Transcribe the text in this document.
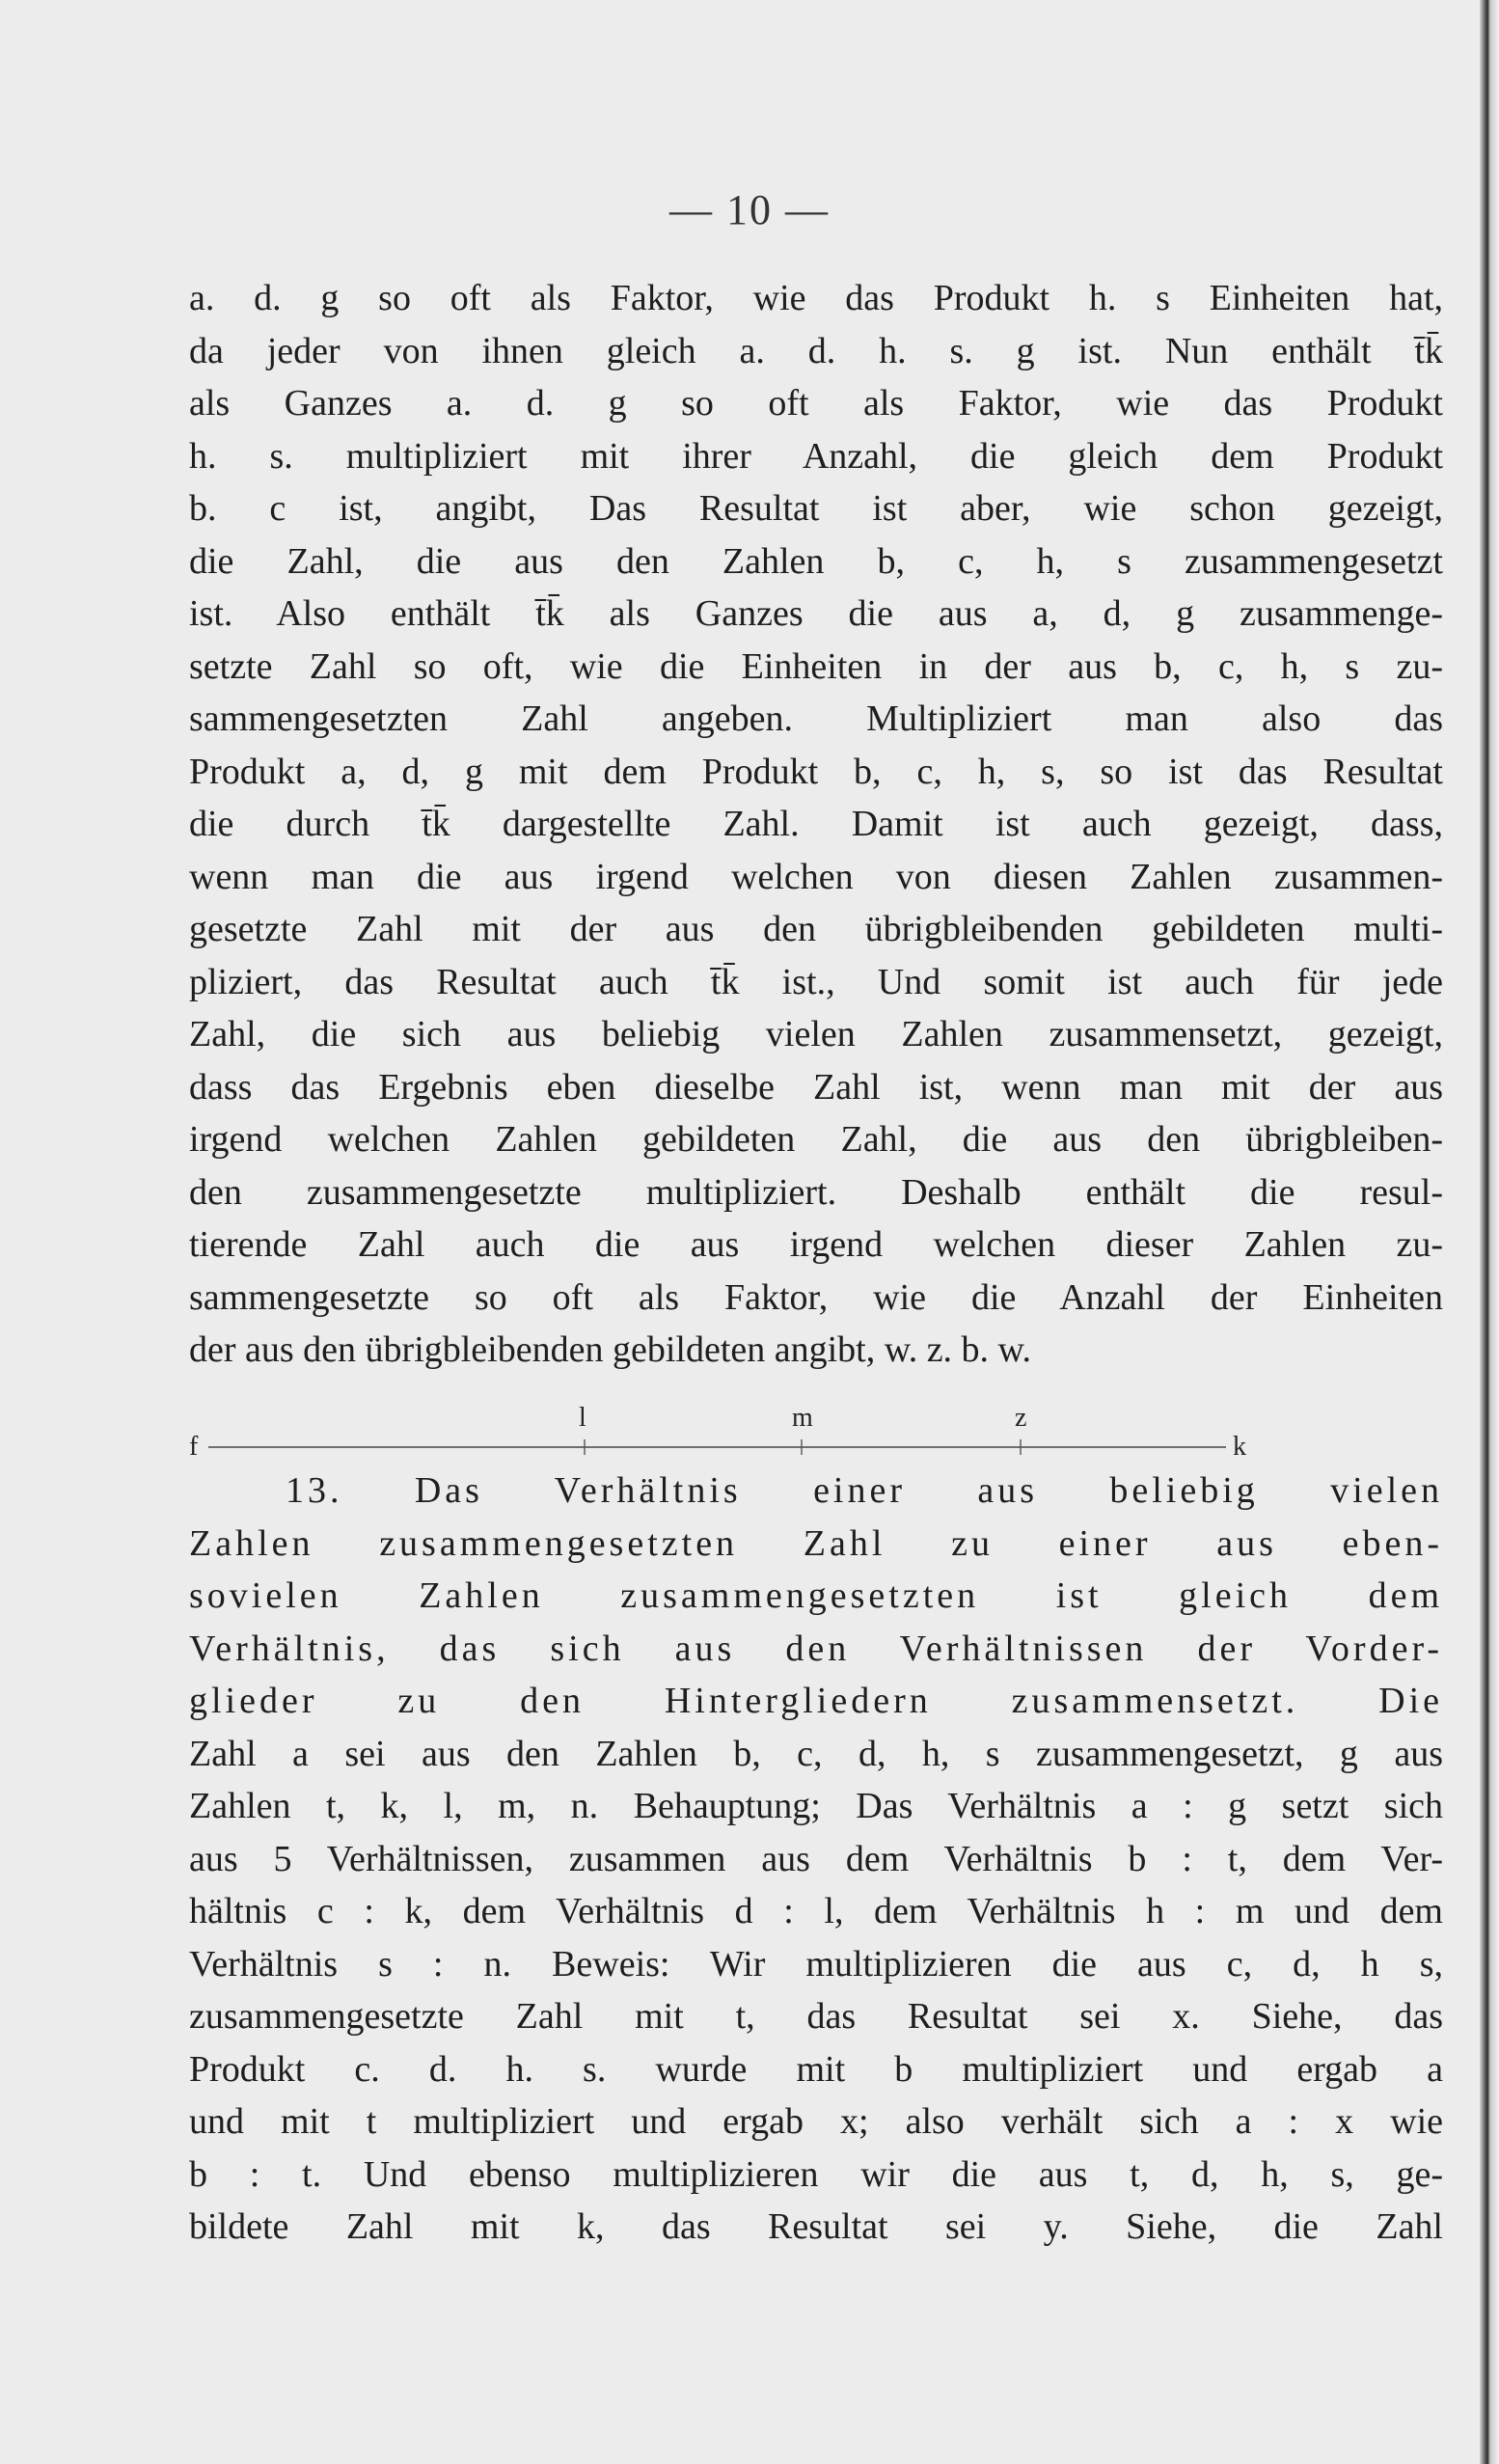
— 10 —
a. d. g so oft als Faktor, wie das Produkt h. s Einheiten hat,
da jeder von ihnen gleich a. d. h. s. g ist. Nun enthält t̄k̄
als Ganzes a. d. g so oft als Faktor, wie das Produkt
h. s. multipliziert mit ihrer Anzahl, die gleich dem Produkt
b. c ist, angibt, Das Resultat ist aber, wie schon gezeigt,
die Zahl, die aus den Zahlen b, c, h, s zusammengesetzt
ist. Also enthält t̄k̄ als Ganzes die aus a, d, g zusammenge-
setzte Zahl so oft, wie die Einheiten in der aus b, c, h, s zu-
sammengesetzten Zahl angeben. Multipliziert man also das
Produkt a, d, g mit dem Produkt b, c, h, s, so ist das Resultat
die durch t̄k̄ dargestellte Zahl. Damit ist auch gezeigt, dass,
wenn man die aus irgend welchen von diesen Zahlen zusammen-
gesetzte Zahl mit der aus den übrigbleibenden gebildeten multi-
pliziert, das Resultat auch t̄k̄ ist., Und somit ist auch für jede
Zahl, die sich aus beliebig vielen Zahlen zusammensetzt, gezeigt,
dass das Ergebnis eben dieselbe Zahl ist, wenn man mit der aus
irgend welchen Zahlen gebildeten Zahl, die aus den übrigbleiben-
den zusammengesetzte multipliziert. Deshalb enthält die resul-
tierende Zahl auch die aus irgend welchen dieser Zahlen zu-
sammengesetzte so oft als Faktor, wie die Anzahl der Einheiten
der aus den übrigbleibenden gebildeten angibt, w. z. b. w.
f
l	m	z
k
13. Das Verhältnis einer aus beliebig vielen
Zahlen zusammengesetzten Zahl zu einer aus eben-
sovielen Zahlen zusammengesetzten ist gleich dem
Verhältnis, das sich aus den Verhältnissen der Vorder-
glieder zu den Hintergliedern zusammensetzt. Die
Zahl a sei aus den Zahlen b, c, d, h, s zusammengesetzt, g aus
Zahlen t, k, l, m, n. Behauptung; Das Verhältnis a : g setzt sich
aus 5 Verhältnissen, zusammen aus dem Verhältnis b : t, dem Ver-
hältnis c : k, dem Verhältnis d : l, dem Verhältnis h : m und dem
Verhältnis s : n. Beweis: Wir multiplizieren die aus c, d, h s,
zusammengesetzte Zahl mit t, das Resultat sei x. Siehe, das
Produkt c. d. h. s. wurde mit b multipliziert und ergab a
und mit t multipliziert und ergab x; also verhält sich a : x wie
b : t. Und ebenso multiplizieren wir die aus t, d, h, s, ge-
bildete Zahl mit k, das Resultat sei y. Siehe, die Zahl
